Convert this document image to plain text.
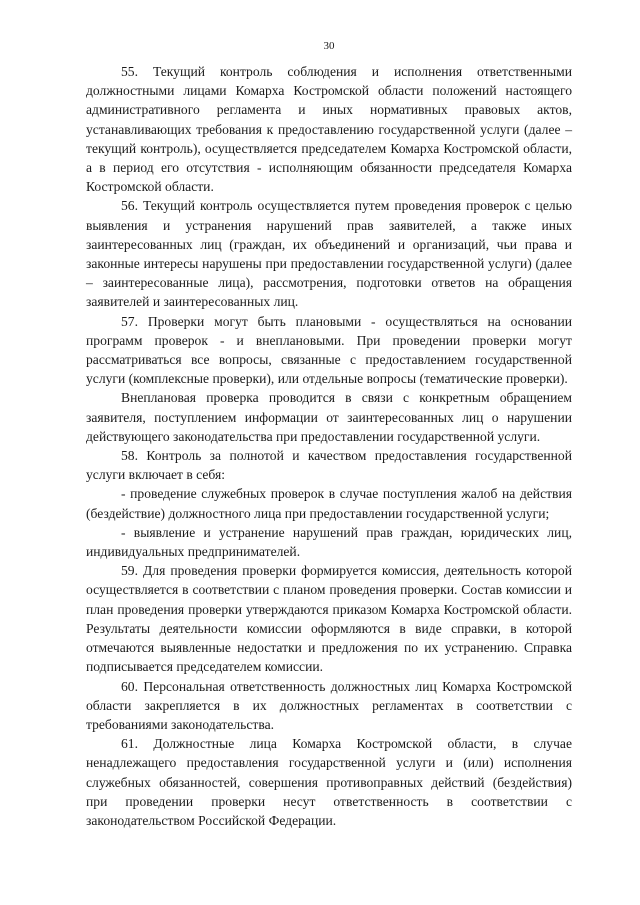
30

55. Текущий контроль соблюдения и исполнения ответственными должностными лицами Комарха Костромской области положений настоящего административного регламента и иных нормативных правовых актов, устанавливающих требования к предоставлению государственной услуги (далее – текущий контроль), осуществляется председателем Комарха Костромской области, а в период его отсутствия - исполняющим обязанности председателя Комарха Костромской области.

56. Текущий контроль осуществляется путем проведения проверок с целью выявления и устранения нарушений прав заявителей, а также иных заинтересованных лиц (граждан, их объединений и организаций, чьи права и законные интересы нарушены при предоставлении государственной услуги) (далее – заинтересованные лица), рассмотрения, подготовки ответов на обращения заявителей и заинтересованных лиц.

57. Проверки могут быть плановыми - осуществляться на основании программ проверок - и внеплановыми. При проведении проверки могут рассматриваться все вопросы, связанные с предоставлением государственной услуги (комплексные проверки), или отдельные вопросы (тематические проверки).

Внеплановая проверка проводится в связи с конкретным обращением заявителя, поступлением информации от заинтересованных лиц о нарушении действующего законодательства при предоставлении государственной услуги.

58. Контроль за полнотой и качеством предоставления государственной услуги включает в себя:

- проведение служебных проверок в случае поступления жалоб на действия (бездействие) должностного лица при предоставлении государственной услуги;

- выявление и устранение нарушений прав граждан, юридических лиц, индивидуальных предпринимателей.

59. Для проведения проверки формируется комиссия, деятельность которой осуществляется в соответствии с планом проведения проверки. Состав комиссии и план проведения проверки утверждаются приказом Комарха Костромской области. Результаты деятельности комиссии оформляются в виде справки, в которой отмечаются выявленные недостатки и предложения по их устранению. Справка подписывается председателем комиссии.

60. Персональная ответственность должностных лиц Комарха Костромской области закрепляется в их должностных регламентах в соответствии с требованиями законодательства.

61. Должностные лица Комарха Костромской области, в случае ненадлежащего предоставления государственной услуги и (или) исполнения служебных обязанностей, совершения противоправных действий (бездействия) при проведении проверки несут ответственность в соответствии с законодательством Российской Федерации.
